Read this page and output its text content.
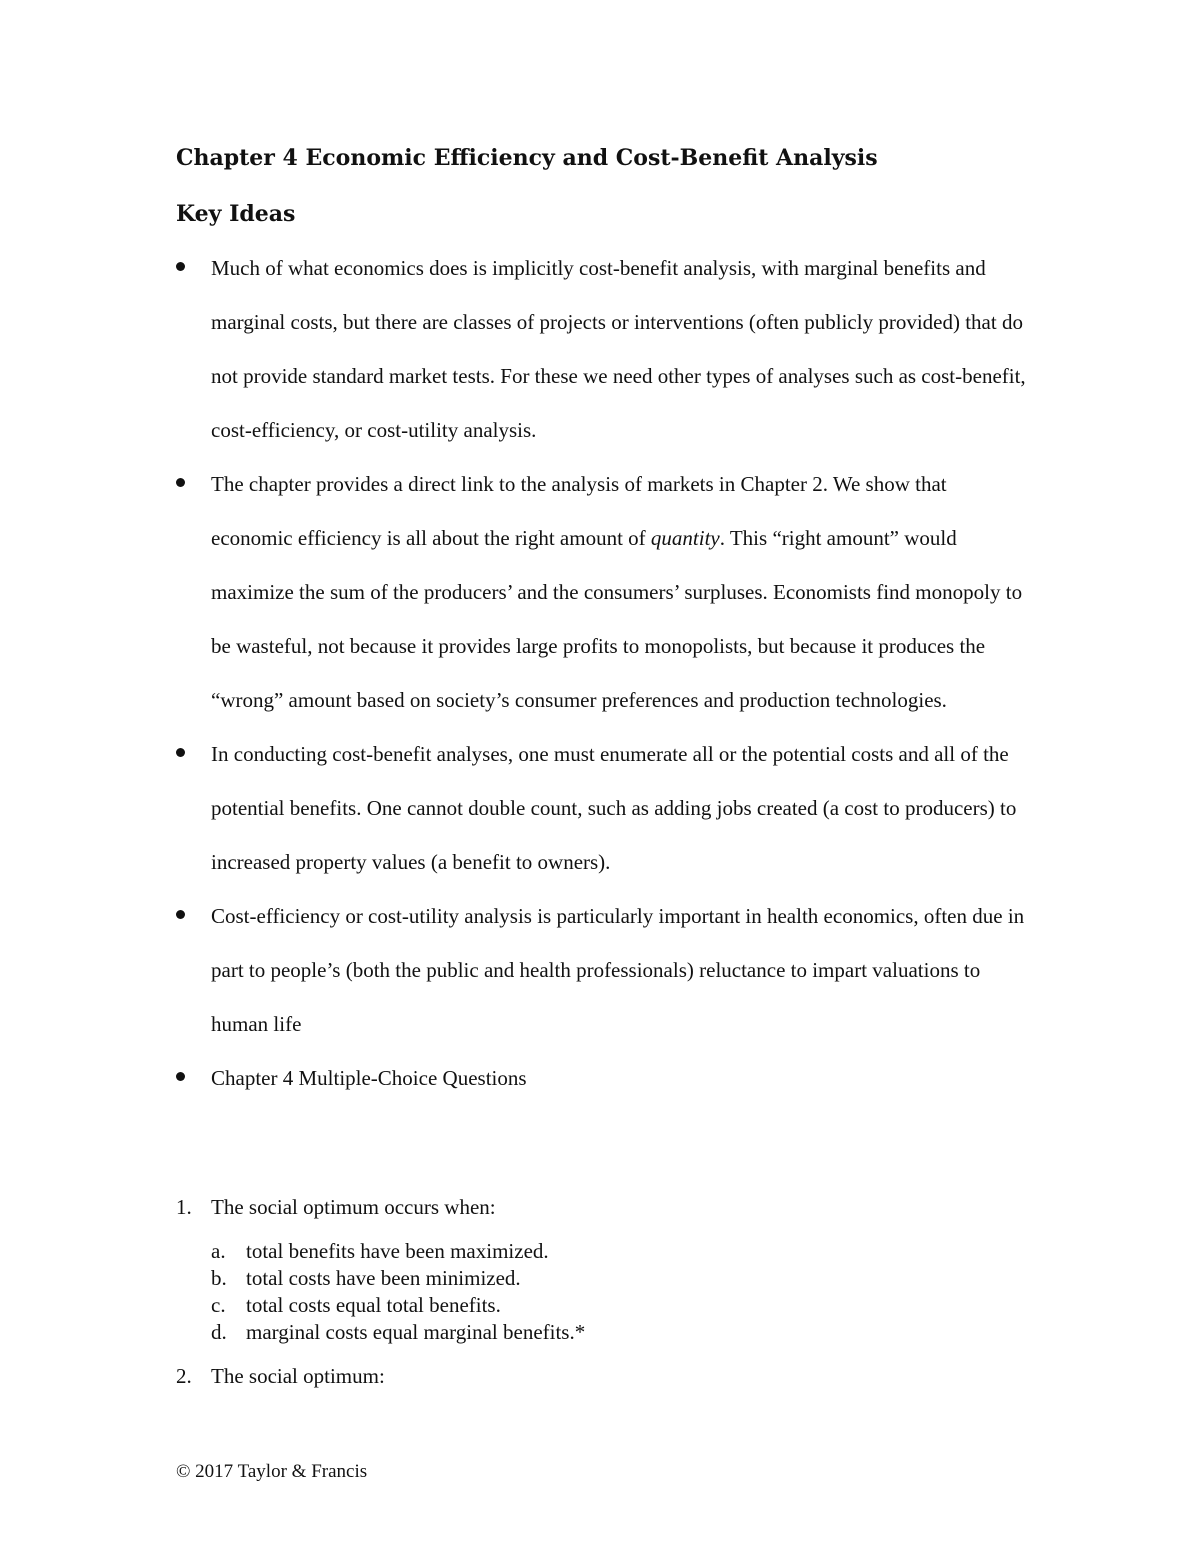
Chapter 4 Economic Efficiency and Cost-Benefit Analysis
Key Ideas
Much of what economics does is implicitly cost-benefit analysis, with marginal benefits and marginal costs, but there are classes of projects or interventions (often publicly provided) that do not provide standard market tests. For these we need other types of analyses such as cost-benefit, cost-efficiency, or cost-utility analysis.
The chapter provides a direct link to the analysis of markets in Chapter 2. We show that economic efficiency is all about the right amount of quantity. This “right amount” would maximize the sum of the producers’ and the consumers’ surpluses. Economists find monopoly to be wasteful, not because it provides large profits to monopolists, but because it produces the “wrong” amount based on society’s consumer preferences and production technologies.
In conducting cost-benefit analyses, one must enumerate all or the potential costs and all of the potential benefits. One cannot double count, such as adding jobs created (a cost to producers) to increased property values (a benefit to owners).
Cost-efficiency or cost-utility analysis is particularly important in health economics, often due in part to people’s (both the public and health professionals) reluctance to impart valuations to human life
Chapter 4 Multiple-Choice Questions
1. The social optimum occurs when:
a. total benefits have been maximized.
b. total costs have been minimized.
c. total costs equal total benefits.
d. marginal costs equal marginal benefits.*
2. The social optimum:
© 2017 Taylor & Francis
